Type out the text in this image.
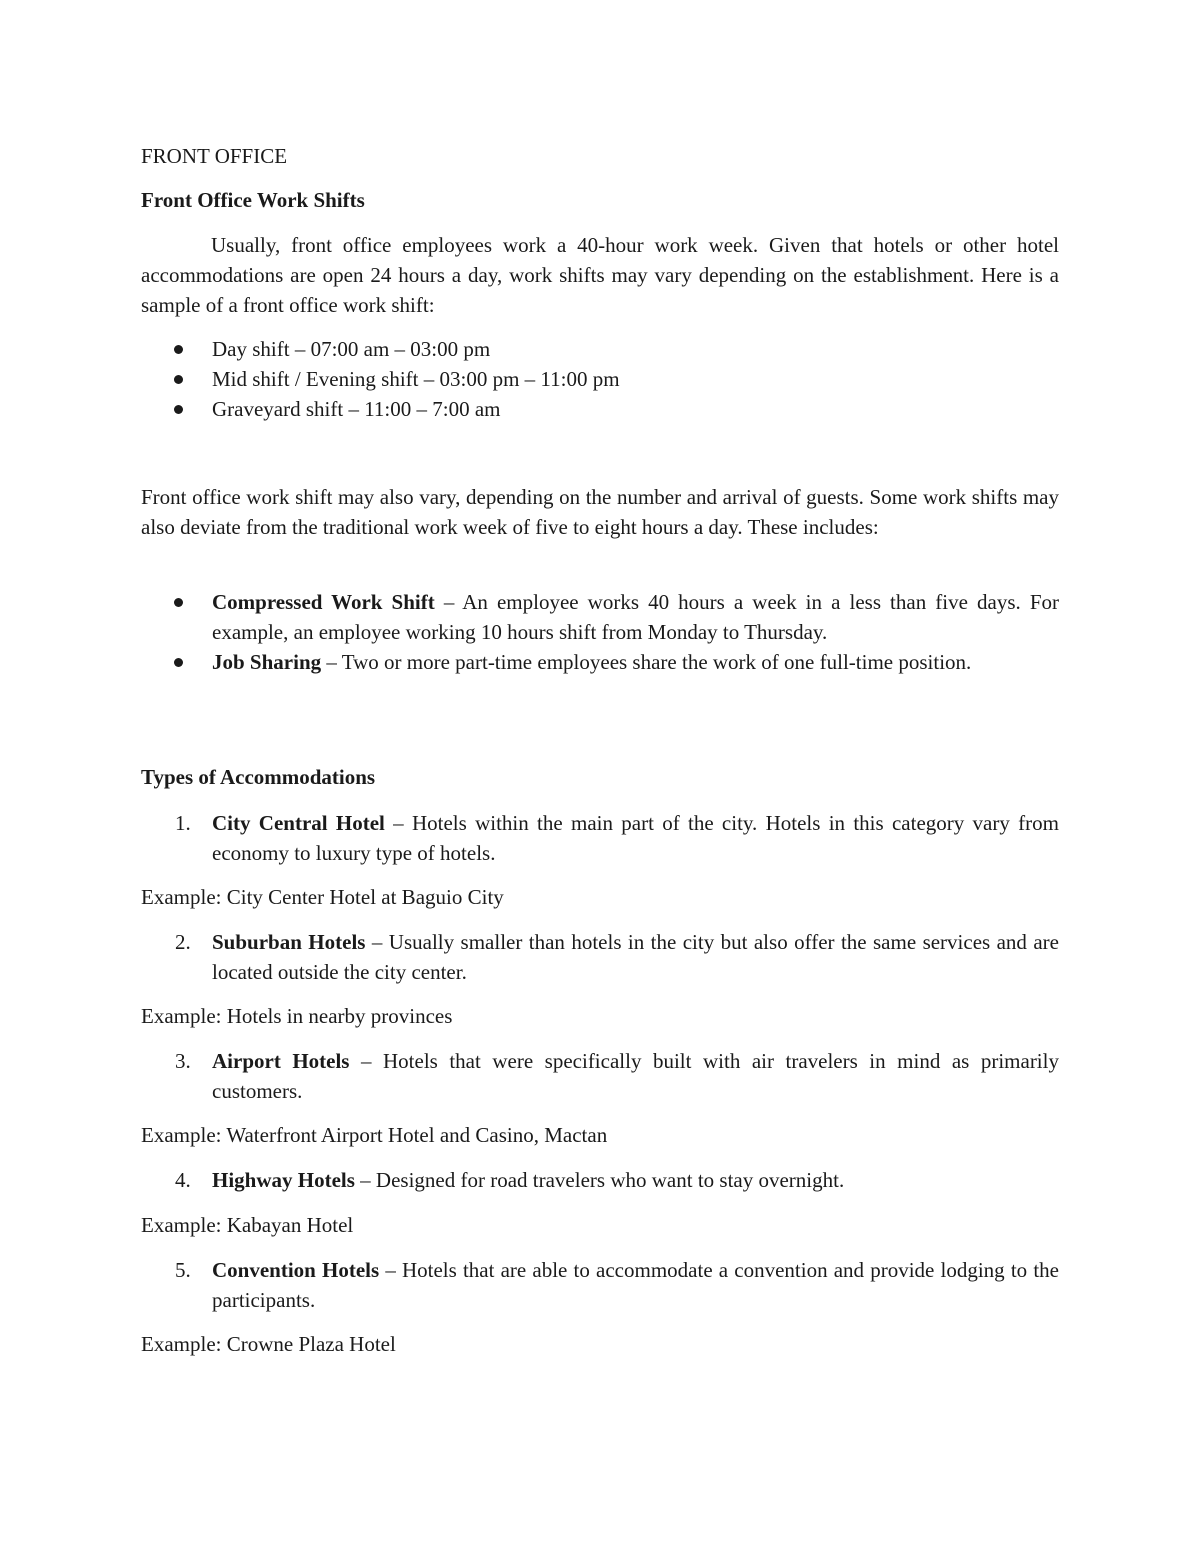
FRONT OFFICE
Front Office Work Shifts

Usually, front office employees work a 40-hour work week. Given that hotels or other hotel accommodations are open 24 hours a day, work shifts may vary depending on the establishment. Here is a sample of a front office work shift:

Day shift – 07:00 am – 03:00 pm
Mid shift / Evening shift – 03:00 pm – 11:00 pm
Graveyard shift – 11:00 – 7:00 am

Front office work shift may also vary, depending on the number and arrival of guests. Some work shifts may also deviate from the traditional work week of five to eight hours a day. These includes:

Compressed Work Shift – An employee works 40 hours a week in a less than five days. For example, an employee working 10 hours shift from Monday to Thursday.
Job Sharing – Two or more part-time employees share the work of one full-time position.
Types of Accommodations
1. City Central Hotel – Hotels within the main part of the city. Hotels in this category vary from economy to luxury type of hotels.

Example: City Center Hotel at Baguio City

2. Suburban Hotels – Usually smaller than hotels in the city but also offer the same services and are located outside the city center.

Example: Hotels in nearby provinces

3. Airport Hotels – Hotels that were specifically built with air travelers in mind as primarily customers.

Example: Waterfront Airport Hotel and Casino, Mactan

4. Highway Hotels – Designed for road travelers who want to stay overnight.

Example: Kabayan Hotel

5. Convention Hotels – Hotels that are able to accommodate a convention and provide lodging to the participants.

Example: Crowne Plaza Hotel
